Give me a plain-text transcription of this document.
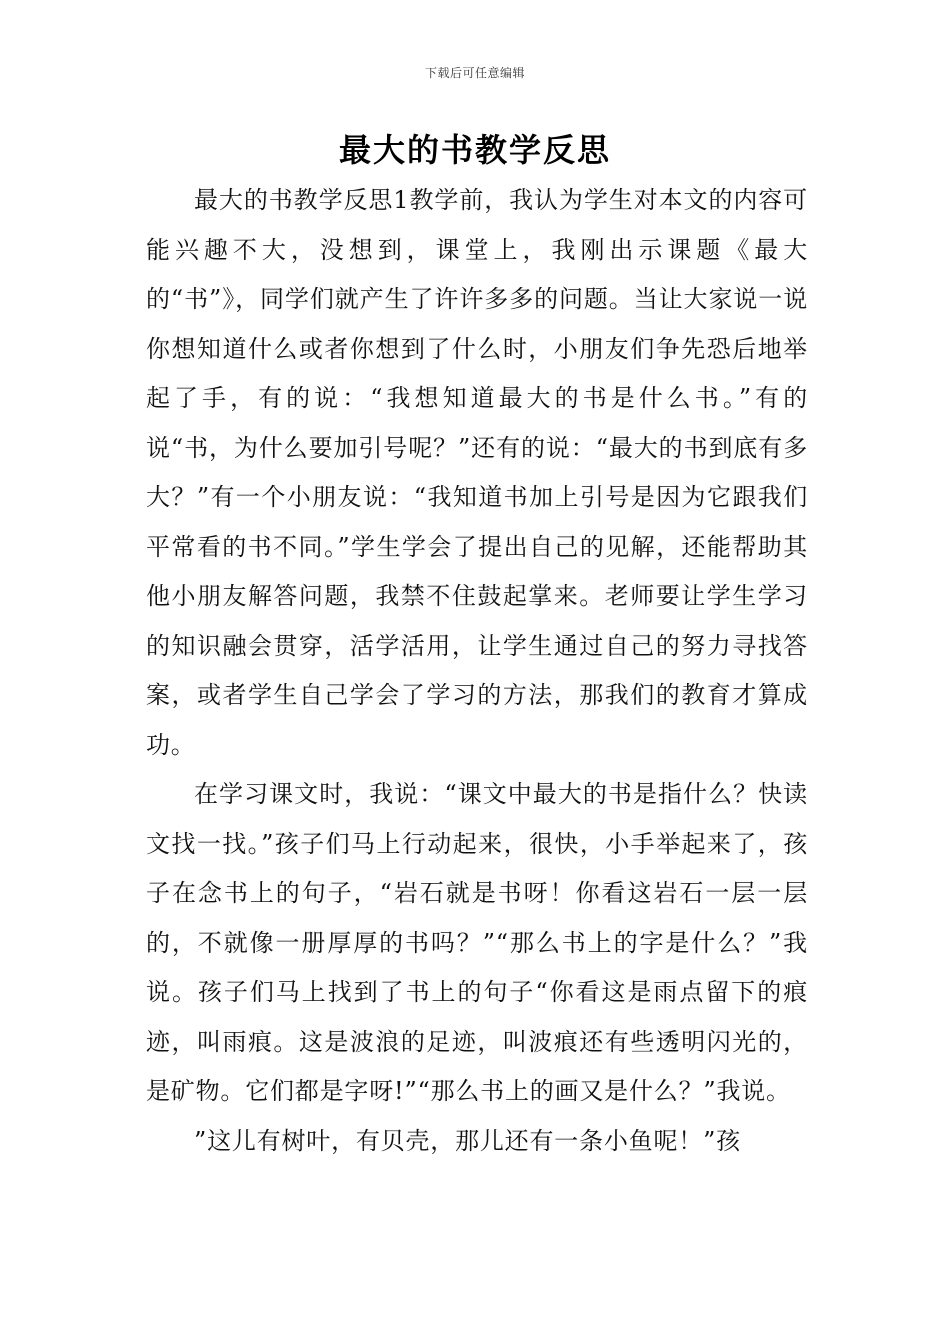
下载后可任意编辑
最大的书教学反思

最大的书教学反思1教学前，我认为学生对本文的内容可能兴趣不大，没想到，课堂上，我刚出示课题《最大的“书”》，同学们就产生了许许多多的问题。当让大家说一说你想知道什么或者你想到了什么时，小朋友们争先恐后地举起了手，有的说：“我想知道最大的书是什么书。”有的说“书，为什么要加引号呢？”还有的说：“最大的书到底有多大？”有一个小朋友说：“我知道书加上引号是因为它跟我们平常看的书不同。”学生学会了提出自己的见解，还能帮助其他小朋友解答问题，我禁不住鼓起掌来。老师要让学生学习的知识融会贯穿，活学活用，让学生通过自己的努力寻找答案，或者学生自己学会了学习的方法，那我们的教育才算成功。

在学习课文时，我说：“课文中最大的书是指什么？快读文找一找。”孩子们马上行动起来，很快，小手举起来了，孩子在念书上的句子，“岩石就是书呀！你看这岩石一层一层的，不就像一册厚厚的书吗？”“那么书上的字是什么？”我说。孩子们马上找到了书上的句子“你看这是雨点留下的痕迹，叫雨痕。这是波浪的足迹，叫波痕还有些透明闪光的，是矿物。它们都是字呀!”“那么书上的画又是什么？”我说。

”这儿有树叶，有贝壳，那儿还有一条小鱼呢！”孩
